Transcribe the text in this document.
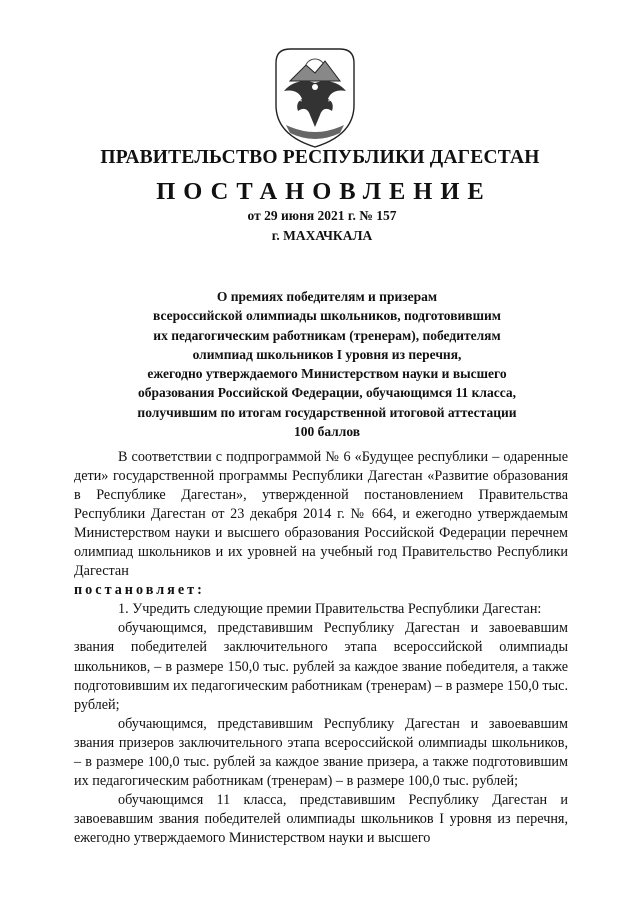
ПРАВИТЕЛЬСТВО РЕСПУБЛИКИ ДАГЕСТАН
ПОСТАНОВЛЕНИЕ
от 29 июня 2021 г. № 157
г. МАХАЧКАЛА
О премиях победителям и призерам
всероссийской олимпиады школьников, подготовившим
их педагогическим работникам (тренерам), победителям
олимпиад школьников I уровня из перечня,
ежегодно утверждаемого Министерством науки и высшего
образования Российской Федерации, обучающимся 11 класса,
получившим по итогам государственной итоговой аттестации
100 баллов

В соответствии с подпрограммой № 6 «Будущее республики – одаренные дети» государственной программы Республики Дагестан «Развитие образования в Республике Дагестан», утвержденной постановлением Правительства Республики Дагестан от 23 декабря 2014 г. № 664, и ежегодно утверждаемым Министерством науки и высшего образования Российской Федерации перечнем олимпиад школьников и их уровней на учебный год Правительство Республики Дагестан
постановляет:

1. Учредить следующие премии Правительства Республики Дагестан:

обучающимся, представившим Республику Дагестан и завоевавшим звания победителей заключительного этапа всероссийской олимпиады школьников, – в размере 150,0 тыс. рублей за каждое звание победителя, а также подготовившим их педагогическим работникам (тренерам) – в размере 150,0 тыс. рублей;

обучающимся, представившим Республику Дагестан и завоевавшим звания призеров заключительного этапа всероссийской олимпиады школьников, – в размере 100,0 тыс. рублей за каждое звание призера, а также подготовившим их педагогическим работникам (тренерам) – в размере 100,0 тыс. рублей;

обучающимся 11 класса, представившим Республику Дагестан и завоевавшим звания победителей олимпиады школьников I уровня из перечня, ежегодно утверждаемого Министерством науки и высшего
